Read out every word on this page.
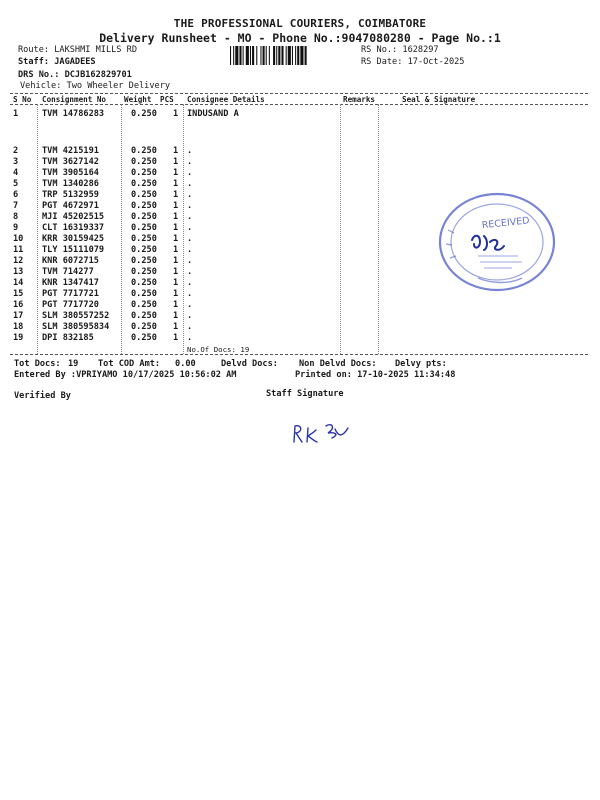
THE PROFESSIONAL COURIERS, COIMBATORE
Delivery Runsheet - MO - Phone No.:9047080280 - Page No.:1
Route: LAKSHMI MILLS RD
Staff: JAGADEES
DRS No.: DCJB162829701
Vehicle: Two Wheeler Delivery
RS No.: 1628297
RS Date: 17-Oct-2025
S No Consignment No Weight PCS Consignee Details	Remarks	Seal & Signature
1	TVM 14786283	0.250 1 INDUSAND A
2	TVM 4215191	0.250 1 .
3	TVM 3627142	0.250 1 .
4	TVM 3905164	0.250 1 .
5	TVM 1340286	0.250 1 .
6	TRP 5132959	0.250 1 .
7	PGT 4672971	0.250 1 .
8	MJI 45202515	0.250 1 .
9	CLT 16319337	0.250 1 .
10 KRR 30159425	0.250 1 .
11 TLY 15111079	0.250 1 .
12 KNR 6072715	0.250 1 .
13 TVM 714277	0.250 1 .
14 KNR 1347417	0.250 1 .
15 PGT 7717721	0.250 1 .
16 PGT 7717720	0.250 1 .
17 SLM 380557252	0.250 1 .
18 SLM 380595834	0.250 1 .
19 DPI 832185	0.250 1 .
No.Of Docs: 19
Tot Docs: 19 Tot COD Amt: 0.00	Delvd Docs: Non Delvd Docs: Delvy pts:
Entered By :VPRIYAMO 10/17/2025 10:56:02 AM	Printed on: 17-10-2025 11:34:48
Verified By	Staff Signature
RECEIVED
